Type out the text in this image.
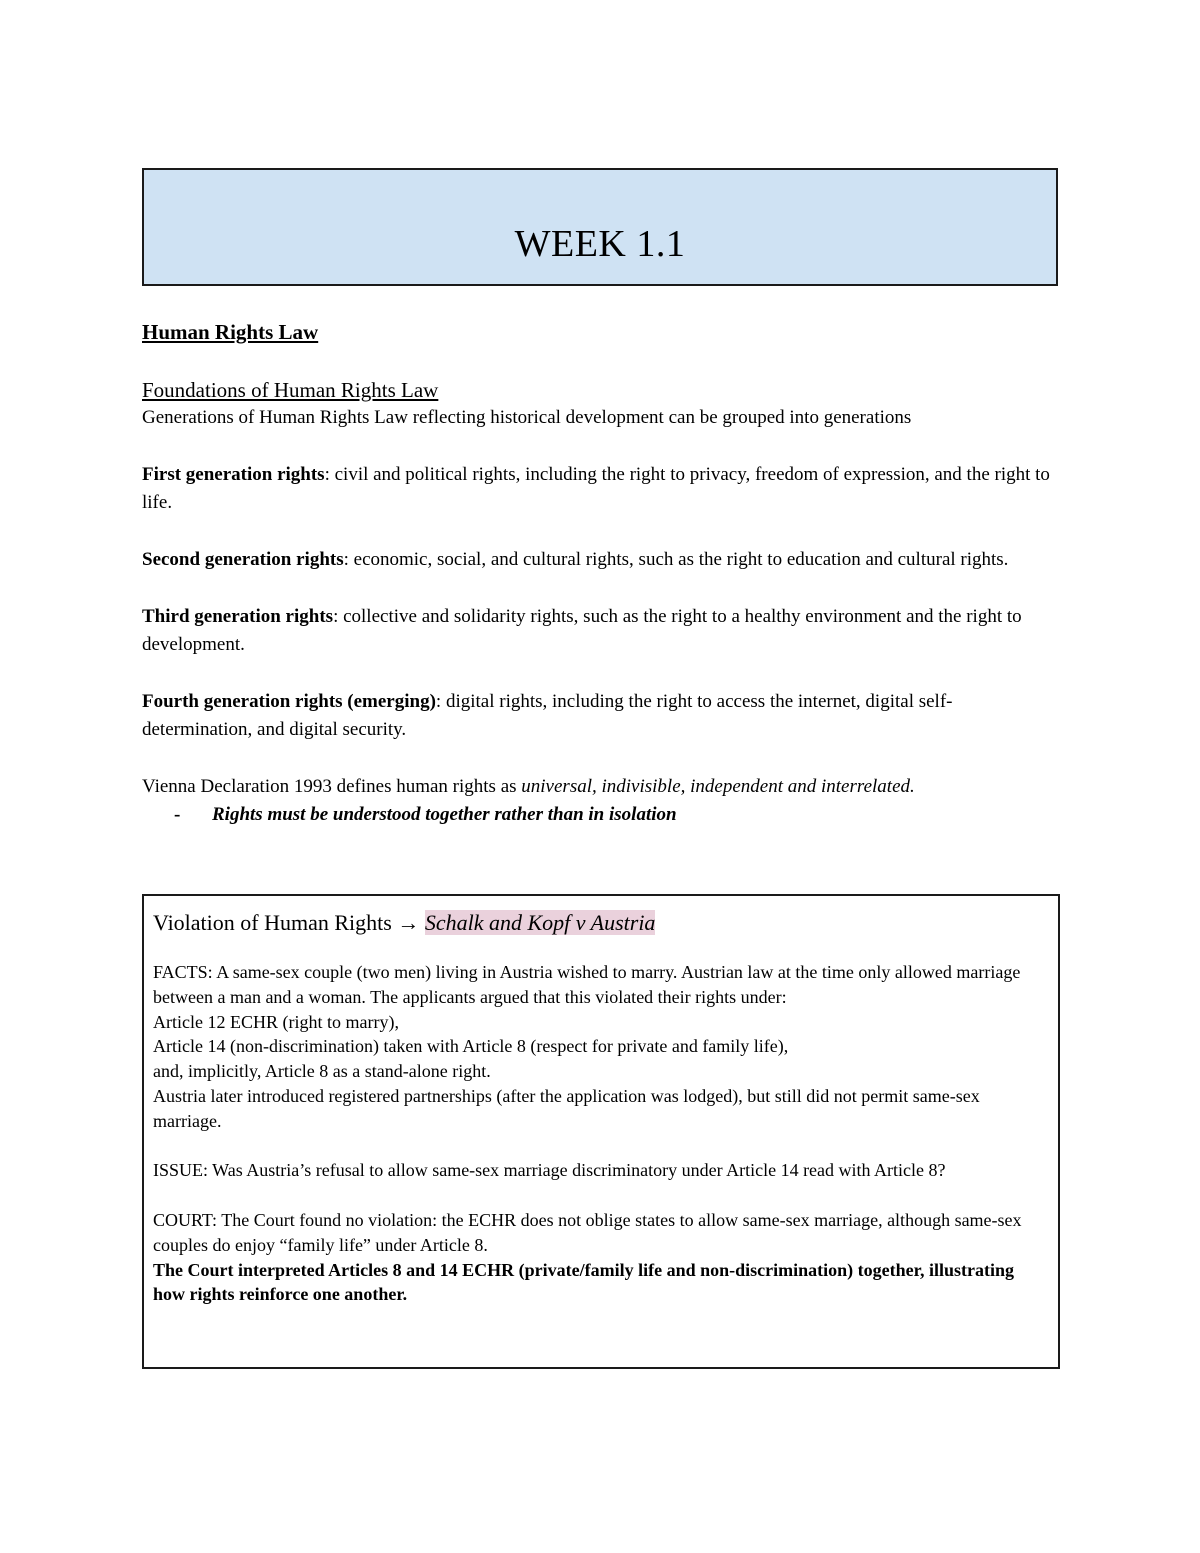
WEEK 1.1
Human Rights Law
Foundations of Human Rights Law

Generations of Human Rights Law reflecting historical development can be grouped into generations

First generation rights: civil and political rights, including the right to privacy, freedom of expression, and the right to life.

Second generation rights: economic, social, and cultural rights, such as the right to education and cultural rights.

Third generation rights: collective and solidarity rights, such as the right to a healthy environment and the right to development.

Fourth generation rights (emerging): digital rights, including the right to access the internet, digital self-determination, and digital security.

Vienna Declaration 1993 defines human rights as universal, indivisible, independent and interrelated.

- Rights must be understood together rather than in isolation
Violation of Human Rights → Schalk and Kopf v Austria
FACTS: A same-sex couple (two men) living in Austria wished to marry. Austrian law at the time only allowed marriage between a man and a woman. The applicants argued that this violated their rights under:
Article 12 ECHR (right to marry),
Article 14 (non-discrimination) taken with Article 8 (respect for private and family life),
and, implicitly, Article 8 as a stand-alone right.
Austria later introduced registered partnerships (after the application was lodged), but still did not permit same-sex marriage.
ISSUE: Was Austria’s refusal to allow same-sex marriage discriminatory under Article 14 read with Article 8?
COURT: The Court found no violation: the ECHR does not oblige states to allow same-sex marriage, although same-sex couples do enjoy “family life” under Article 8.
The Court interpreted Articles 8 and 14 ECHR (private/family life and non-discrimination) together, illustrating how rights reinforce one another.
